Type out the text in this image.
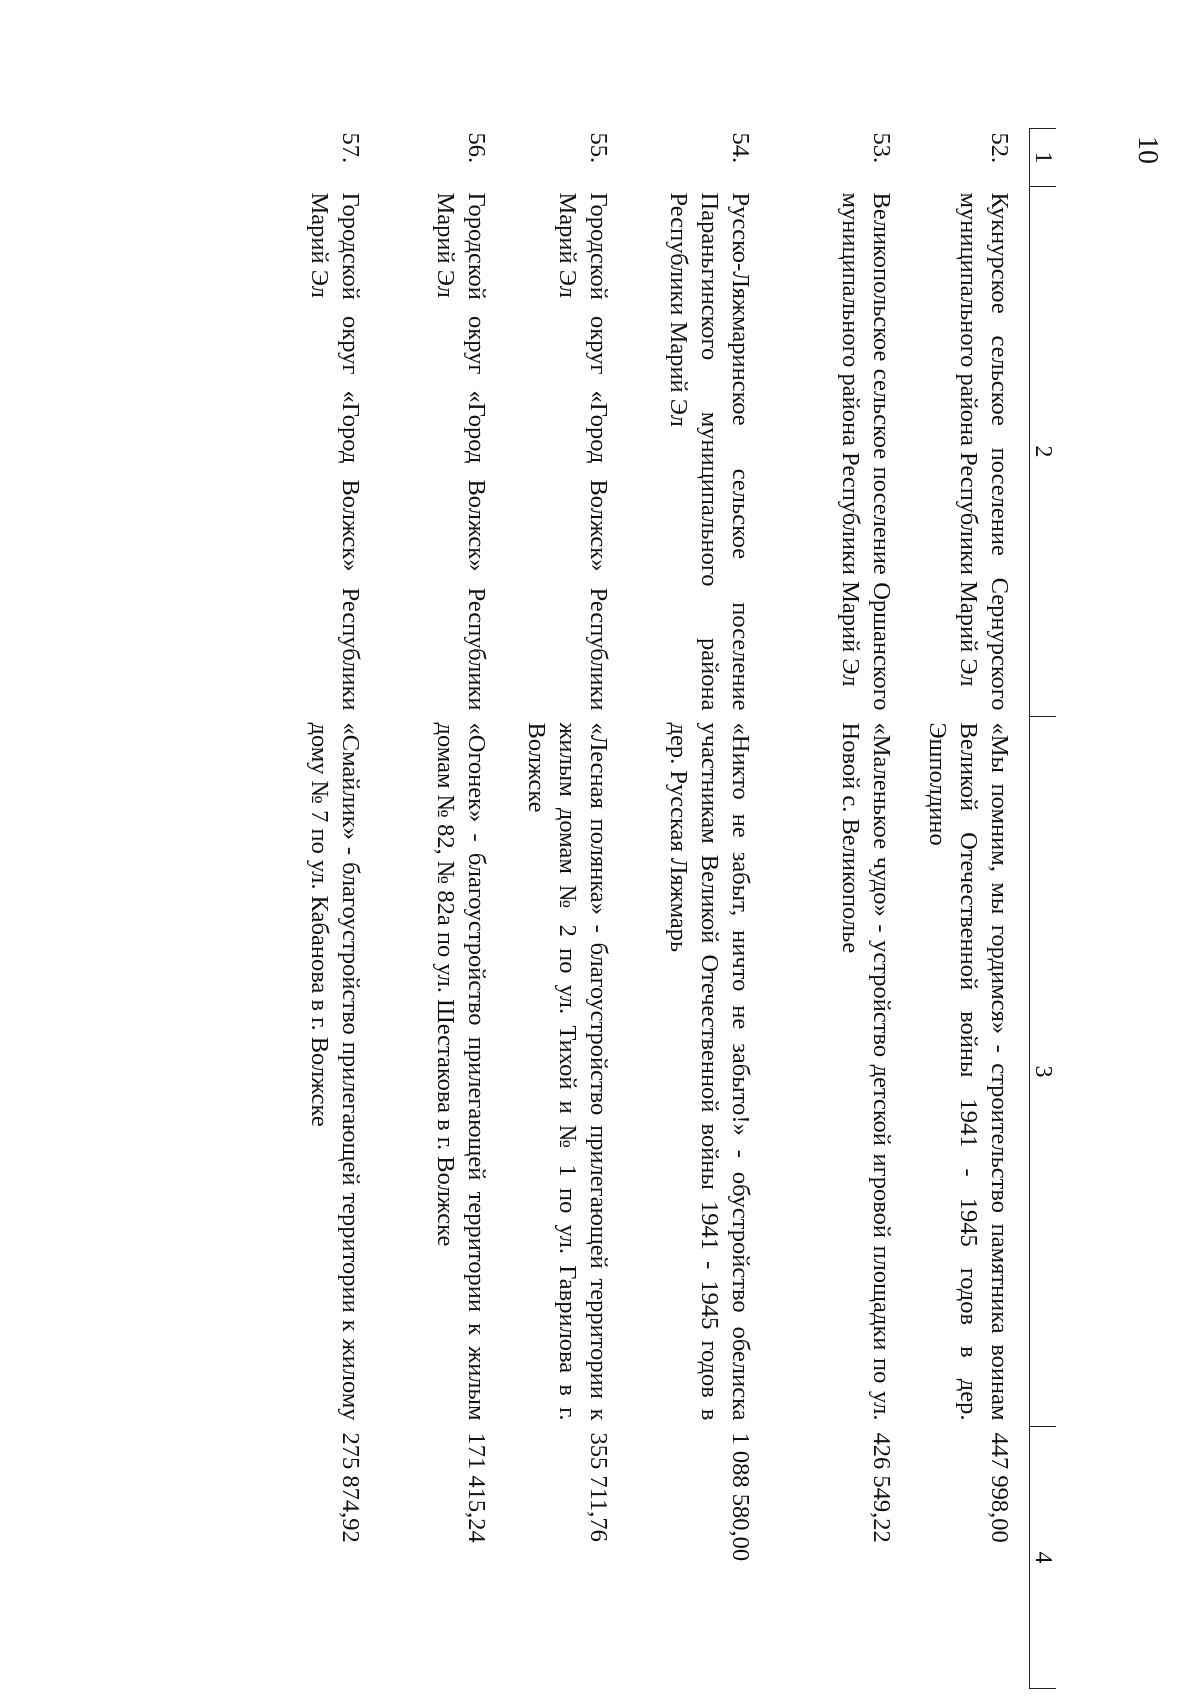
10
1	2	3	4
52.	Кукнурское сельское поселение Сернурского муниципального района Республики Марий Эл	«Мы помним, мы гордимся» - строительство памятника воинам Великой Отечественной войны 1941 - 1945 годов в дер. Эшполдино	447 998,00
53.	Великопольское сельское поселение Оршанского муниципального района Республики Марий Эл	«Маленькое чудо» - устройство детской игровой площадки по ул. Новой с. Великополье	426 549,22
54.	Русско-Ляжмаринское сельское поселение Параньгинского муниципального района Республики Марий Эл	«Никто не забыт, ничто не забыто!» - обустройство обелиска участникам Великой Отечественной войны 1941 - 1945 годов в дер. Русская Ляжмарь	1 088 580,00
55.	Городской округ «Город Волжск» Республики Марий Эл	«Лесная полянка» - благоустройство прилегающей территории к жилым домам № 2 по ул. Тихой и № 1 по ул. Гаврилова в г. Волжске	355 711,76
56.	Городской округ «Город Волжск» Республики Марий Эл	«Огонек» - благоустройство прилегающей территории к жилым домам № 82, № 82а по ул. Шестакова в г. Волжске	171 415,24
57.	Городской округ «Город Волжск» Республики Марий Эл	«Смайлик» - благоустройство прилегающей территории к жилому дому № 7 по ул. Кабанова в г. Волжске	275 874,92
